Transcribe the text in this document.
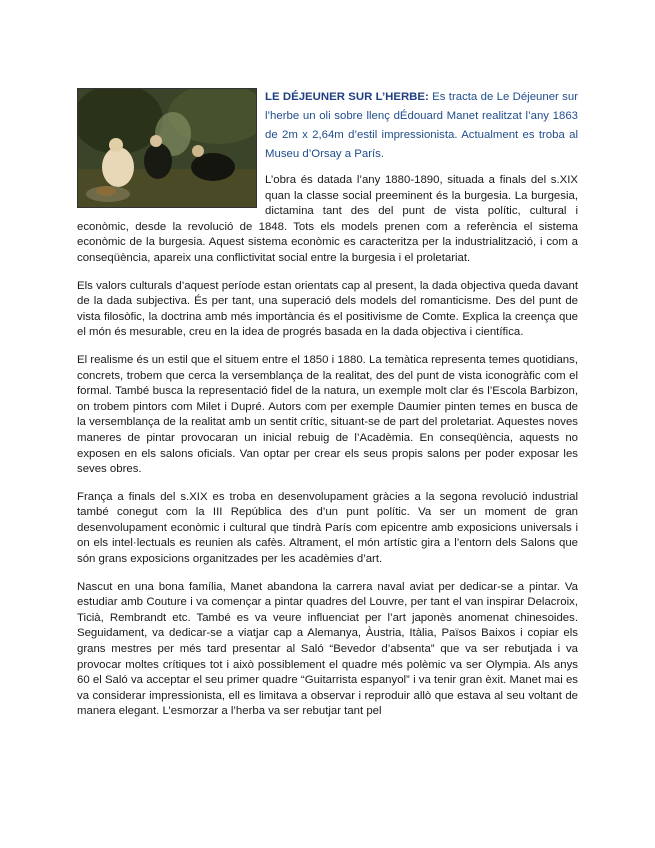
LE DÉJEUNER SUR L’HERBE: Es tracta de Le Déjeuner sur l’herbe un oli sobre llenç dÉdouard Manet realitzat l’any 1863 de 2m x 2,64m d’estil impressionista. Actualment es troba al Museu d’Orsay a París.

L’obra és datada l’any 1880-1890, situada a finals del s.XIX quan la classe social preeminent és la burgesia. La burgesia, dictamina tant des del punt de vista polític, cultural i econòmic, desde la revolució de 1848. Tots els models prenen com a referència el sistema econòmic de la burgesia. Aquest sistema econòmic es caracteritza per la industrialització, i com a conseqüència, apareix una conflictivitat social entre la burgesia i el proletariat.

Els valors culturals d’aquest període estan orientats cap al present, la dada objectiva queda davant de la dada subjectiva. És per tant, una superació dels models del romanticisme. Des del punt de vista filosòfic, la doctrina amb més importància és el positivisme de Comte. Explica la creença que el món és mesurable, creu en la idea de progrés basada en la dada objectiva i científica.

El realisme és un estil que el situem entre el 1850 i 1880. La temàtica representa temes quotidians, concrets, trobem que cerca la versemblança de la realitat, des del punt de vista iconogràfic com el formal. També busca la representació fidel de la natura, un exemple molt clar és l’Escola Barbizon, on trobem pintors com Milet i Dupré. Autors com per exemple Daumier pinten temes en busca de la versemblança de la realitat amb un sentit crític, situant-se de part del proletariat. Aquestes noves maneres de pintar provocaran un inicial rebuig de l’Acadèmia. En conseqüència, aquests no exposen en els salons oficials. Van optar per crear els seus propis salons per poder exposar les seves obres.

França a finals del s.XIX es troba en desenvolupament gràcies a la segona revolució industrial també conegut com la III República des d’un punt polític. Va ser un moment de gran desenvolupament econòmic i cultural que tindrà París com epicentre amb exposicions universals i on els intel·lectuals es reunien als cafès. Altrament, el món artístic gira a l’entorn dels Salons que són grans exposicions organitzades per les acadèmies d’art.

Nascut en una bona família, Manet abandona la carrera naval aviat per dedicar-se a pintar. Va estudiar amb Couture i va començar a pintar quadres del Louvre, per tant el van inspirar Delacroix, Ticià, Rembrandt etc. També es va veure influenciat per l’art japonès anomenat chinesoides. Seguidament, va dedicar-se a viatjar cap a Alemanya, Àustria, Itàlia, Països Baixos i copiar els grans mestres per més tard presentar al Saló “Bevedor d’absenta” que va ser rebutjada i va provocar moltes crítiques tot i això possiblement el quadre més polèmic va ser Olympia. Als anys 60 el Saló va acceptar el seu primer quadre “Guitarrista espanyol” i va tenir gran èxit. Manet mai es va considerar impressionista, ell es limitava a observar i reproduir allò que estava al seu voltant de manera elegant. L’esmorzar a l’herba va ser rebutjar tant pel
